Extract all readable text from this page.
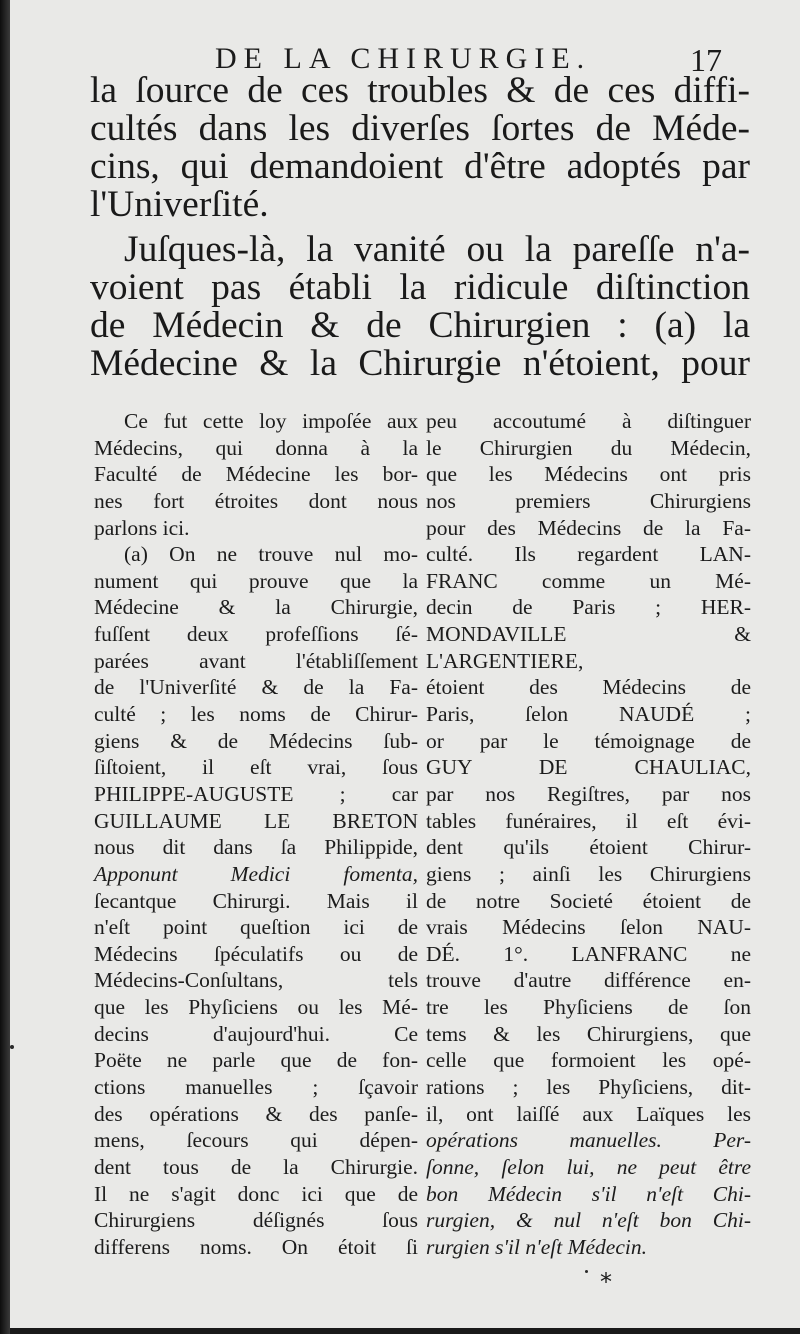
DE LA CHIRURGIE.	17
la ſource de ces troubles & de ces diffi-
cultés dans les diverſes ſortes de Méde-
cins, qui demandoient d'être adoptés par
l'Univerſité.
Juſques-là, la vanité ou la pareſſe n'a-
voient pas établi la ridicule diſtinction
de Médecin & de Chirurgien : (a) la
Médecine & la Chirurgie n'étoient, pour
Ce fut cette loy impoſée aux
Médecins, qui donna à la
Faculté de Médecine les bor-
nes fort étroites dont nous
parlons ici.
(a) On ne trouve nul mo-
nument qui prouve que la
Médecine & la Chirurgie,
fuſſent deux profeſſions ſé-
parées avant l'établiſſement
de l'Univerſité & de la Fa-
culté ; les noms de Chirur-
giens & de Médecins ſub-
ſiſtoient, il eſt vrai, ſous
PHILIPPE-AUGUSTE ; car
GUILLAUME LE BRETON
nous dit dans ſa Philippide,
Apponunt Medici fomenta,
ſecantque Chirurgi. Mais il
n'eſt point queſtion ici de
Médecins ſpéculatifs ou de
Médecins-Conſultans, tels
que les Phyſiciens ou les Mé-
decins d'aujourd'hui. Ce
Poëte ne parle que de fon-
ctions manuelles ; ſçavoir
des opérations & des panſe-
mens, ſecours qui dépen-
dent tous de la Chirurgie.
Il ne s'agit donc ici que de
Chirurgiens déſignés ſous
differens noms. On étoit ſi
peu accoutumé à diſtinguer
le Chirurgien du Médecin,
que les Médecins ont pris
nos premiers Chirurgiens
pour des Médecins de la Fa-
culté. Ils regardent LAN-
FRANC comme un Mé-
decin de Paris ; HER-
MONDAVILLE &
L'ARGENTIERE,
étoient des Médecins de
Paris, ſelon NAUDÉ ;
or par le témoignage de
GUY DE CHAULIAC,
par nos Regiſtres, par nos
tables funéraires, il eſt évi-
dent qu'ils étoient Chirur-
giens ; ainſi les Chirurgiens
de notre Societé étoient de
vrais Médecins ſelon NAU-
DÉ. 1°. LANFRANC ne
trouve d'autre différence en-
tre les Phyſiciens de ſon
tems & les Chirurgiens, que
celle que formoient les opé-
rations ; les Phyſiciens, dit-
il, ont laiſſé aux Laïques les
opérations manuelles. Per-
ſonne, ſelon lui, ne peut être
bon Médecin s'il n'eſt Chi-
rurgien, & nul n'eſt bon Chi-
rurgien s'il n'eſt Médecin.
*
